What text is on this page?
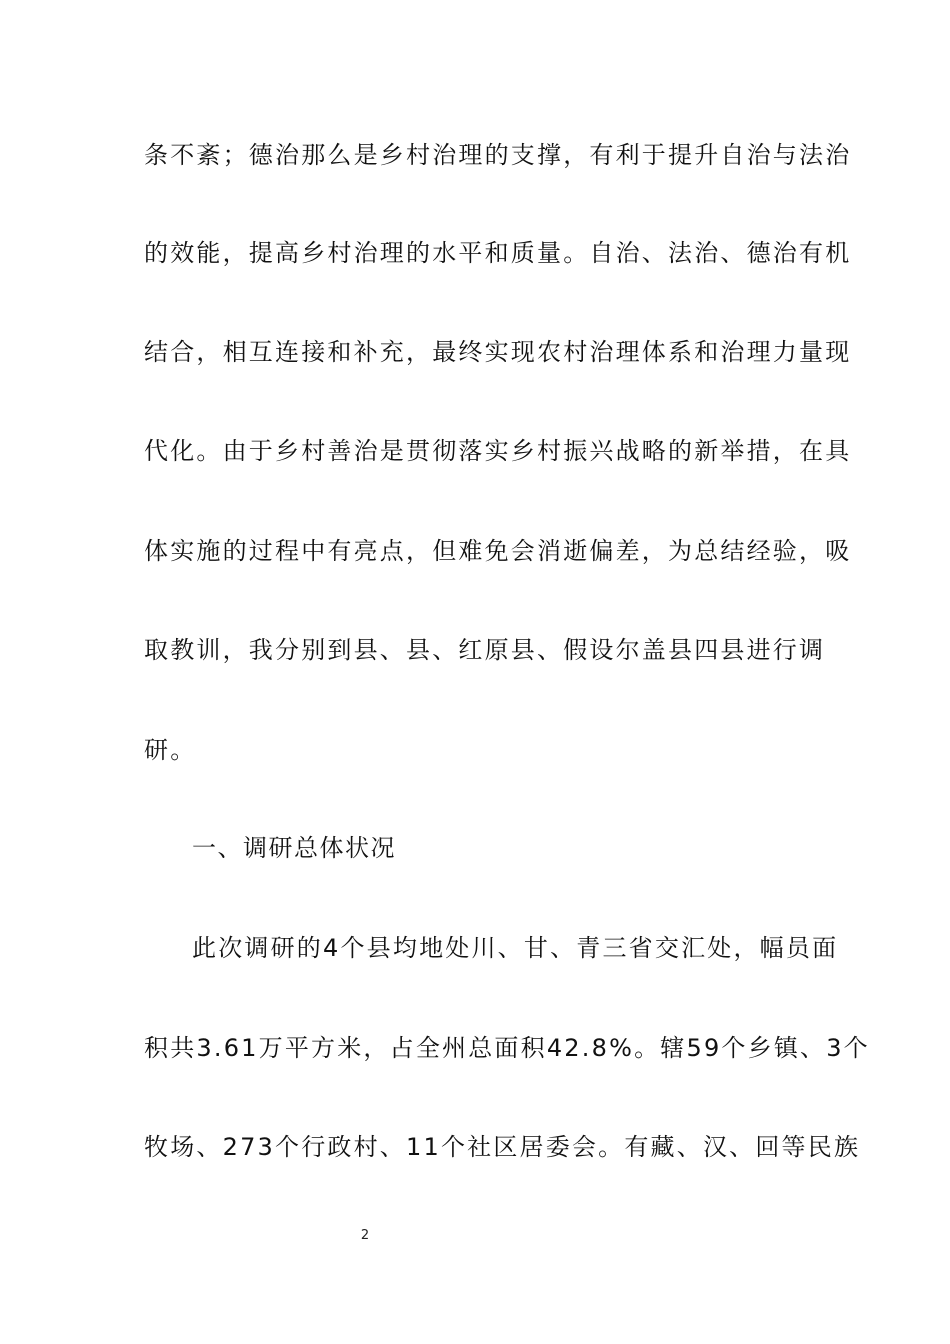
条不紊；德治那么是乡村治理的支撑，有利于提升自治与法治
的效能，提高乡村治理的水平和质量。自治、法治、德治有机
结合，相互连接和补充，最终实现农村治理体系和治理力量现
代化。由于乡村善治是贯彻落实乡村振兴战略的新举措，在具
体实施的过程中有亮点，但难免会消逝偏差，为总结经验，吸
取教训，我分别到县、县、红原县、假设尔盖县四县进行调
研。
一、调研总体状况
此次调研的4个县均地处川、甘、青三省交汇处，幅员面
积共3.61万平方米，占全州总面积42.8%。辖59个乡镇、3个
牧场、273个行政村、11个社区居委会。有藏、汉、回等民族
2
